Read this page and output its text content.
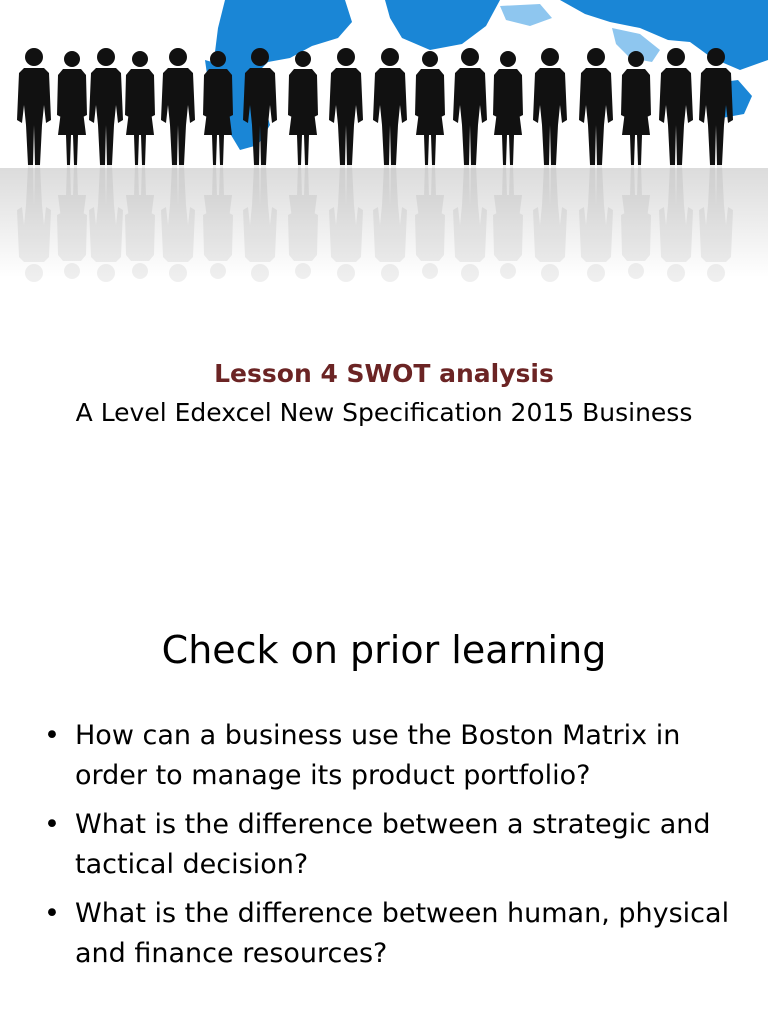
Lesson 4 SWOT analysis
A Level Edexcel New Specification 2015 Business
Check on prior learning
• How can a business use the Boston Matrix in order to manage its product portfolio?
• What is the difference between a strategic and tactical decision?
• What is the difference between human, physical and finance resources?
